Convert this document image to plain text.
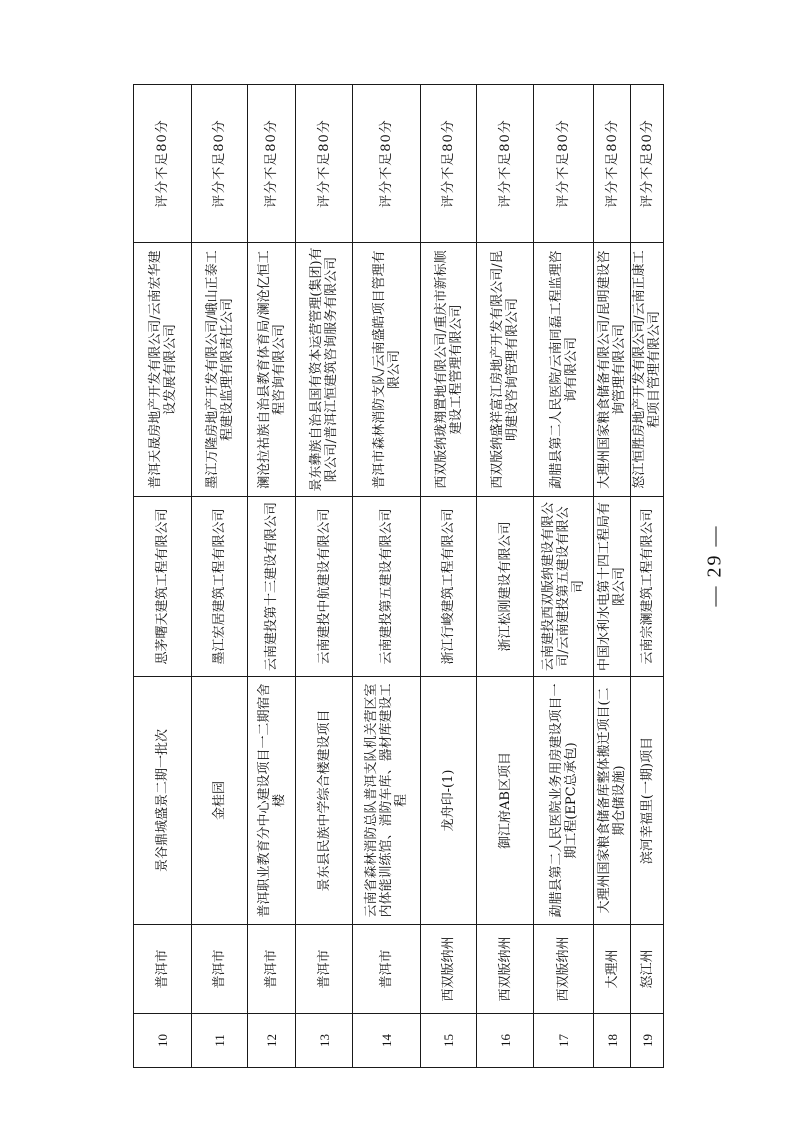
10	普洱市	景谷鼎城盛景二期一批次	思茅曙天建筑工程有限公司	普洱天晟房地产开发有限公司/云南宏华建设发展有限公司	评分不足80分
11	普洱市	金桂园	墨江宏居建筑工程有限公司	墨江万隆房地产开发有限公司/峨山正泰工程建设监理有限责任公司	评分不足80分
12	普洱市	普洱职业教育分中心建设项目一二期宿舍楼	云南建投第十三建设有限公司	澜沧拉祜族自治县教育体育局/澜沧亿恒工程咨询有限公司	评分不足80分
13	普洱市	景东县民族中学综合楼建设项目	云南建投中航建设有限公司	景东彝族自治县国有资本运营管理(集团)有限公司/普洱江恒建筑咨询服务有限公司	评分不足80分
14	普洱市	云南省森林消防总队普洱支队机关营区室内体能训练馆、消防车库、器材库建设工程	云南建投第五建设有限公司	普洱市森林消防支队/云南盛皓项目管理有限公司	评分不足80分
15	西双版纳州	龙舟印-(1)	浙江行峻建筑工程有限公司	西双版纳珑翔置地有限公司/重庆市新标顺建设工程管理有限公司	评分不足80分
16	西双版纳州	御江府AB区项目	浙江松刚建设有限公司	西双版纳盛祥富江房地产开发有限公司/昆明建设咨询管理有限公司	评分不足80分
17	西双版纳州	勐腊县第二人民医院业务用房建设项目一期工程(EPC总承包)	云南建投西双版纳建设有限公司/云南建投第五建设有限公司	勐腊县第二人民医院/云南同磊工程监理咨询有限公司	评分不足80分
18	大理州	大理州国家粮食储备库整体搬迁项目(二期仓储设施)	中国水利水电第十四工程局有限公司	大理州国家粮食储备有限公司/昆明建设咨询管理有限公司	评分不足80分
19	怒江州	滨河幸福里(一期)项目	云南宗澜建筑工程有限公司	怒江恒胜房地产开发有限公司/云南正康工程项目管理有限公司	评分不足80分
— 29 —
